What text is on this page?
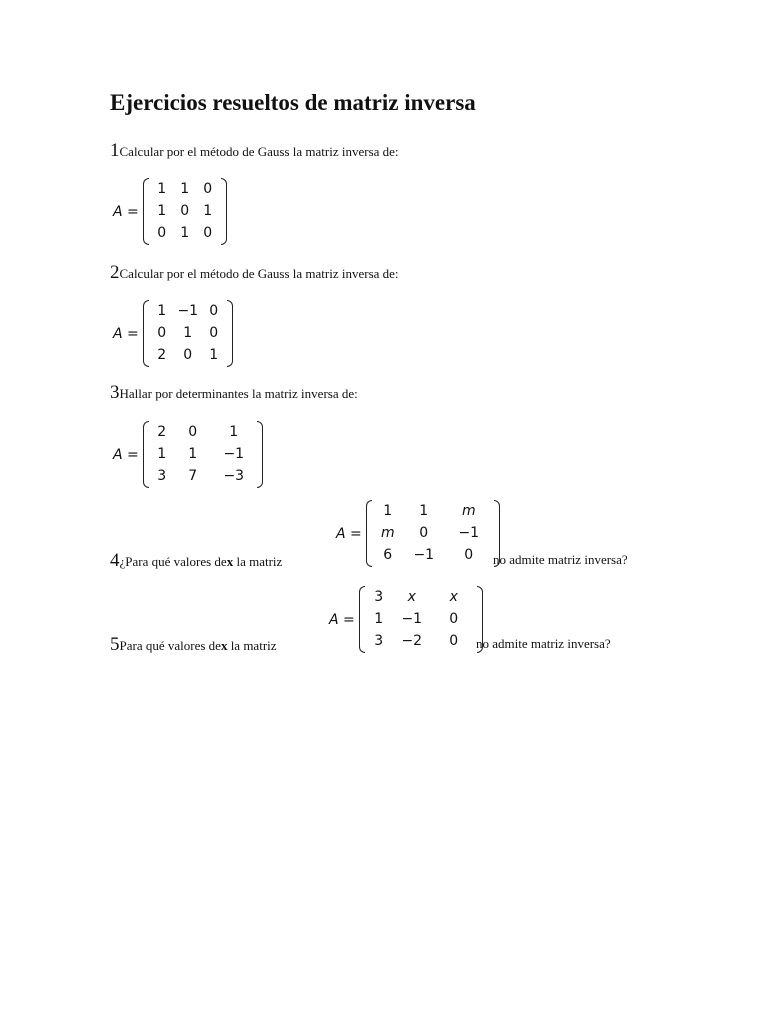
Ejercicios resueltos de matriz inversa
1 Calcular por el método de Gauss la matriz inversa de:
A =
1	1	0
1	0	1
0	1	0
2 Calcular por el método de Gauss la matriz inversa de:
A =
1 −1 0
0	1	0
2	0	1
3 Hallar por determinantes la matriz inversa de:
A =
2	0	1
1	1	−1
3	7	−3
4 ¿Para qué valores de x la matriz
A =
1	1	m
m	0	−1
6	−1	0	no admite matriz inversa?
5 Para qué valores de x la matriz
A =
3	x	x
1	−1	0
3	−2	0	no admite matriz inversa?
